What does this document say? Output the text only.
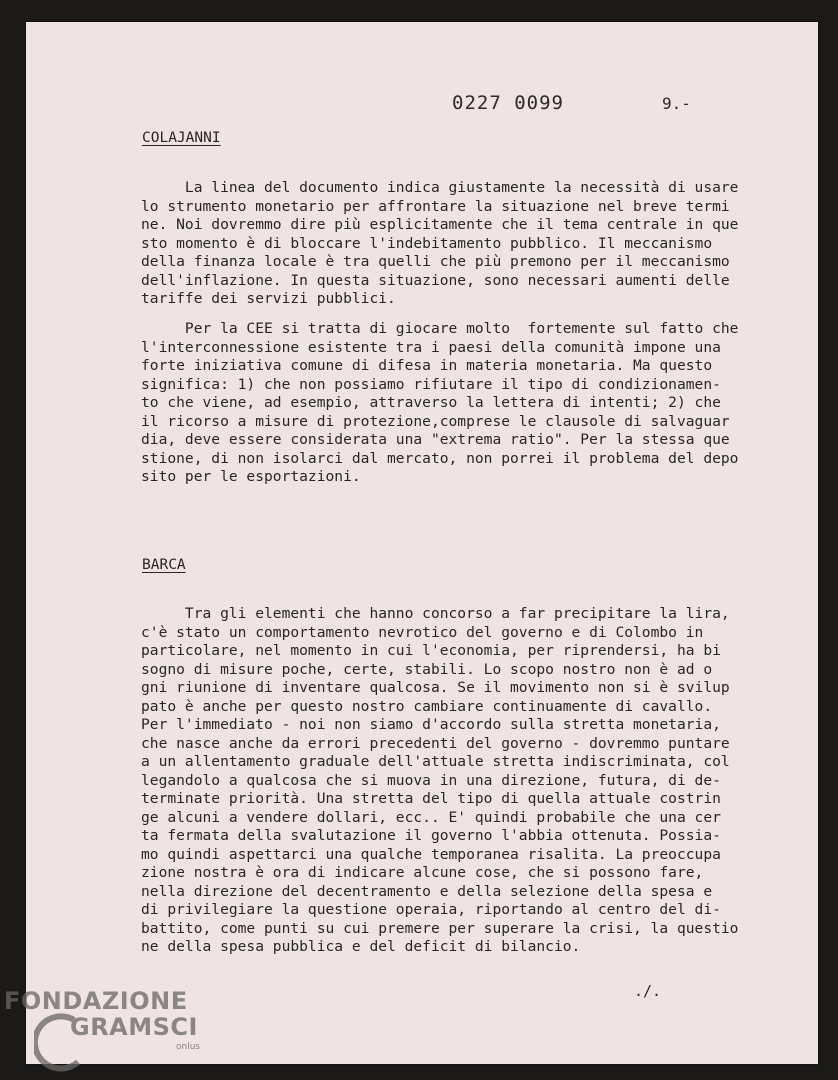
0227 0099	9.-
COLAJANNI
La linea del documento indica giustamente la necessità di usare
lo strumento monetario per affrontare la situazione nel breve termi
ne. Noi dovremmo dire più esplicitamente che il tema centrale in que
sto momento è di bloccare l'indebitamento pubblico. Il meccanismo
della finanza locale è tra quelli che più premono per il meccanismo
dell'inflazione. In questa situazione, sono necessari aumenti delle
tariffe dei servizi pubblici.
Per la CEE si tratta di giocare molto  fortemente sul fatto che
l'interconnessione esistente tra i paesi della comunità impone una
forte iniziativa comune di difesa in materia monetaria. Ma questo
significa: 1) che non possiamo rifiutare il tipo di condizionamen-
to che viene, ad esempio, attraverso la lettera di intenti; 2) che
il ricorso a misure di protezione,comprese le clausole di salvaguar
dia, deve essere considerata una "extrema ratio". Per la stessa que
stione, di non isolarci dal mercato, non porrei il problema del depo
sito per le esportazioni.
BARCA
Tra gli elementi che hanno concorso a far precipitare la lira,
c'è stato un comportamento nevrotico del governo e di Colombo in
particolare, nel momento in cui l'economia, per riprendersi, ha bi
sogno di misure poche, certe, stabili. Lo scopo nostro non è ad o
gni riunione di inventare qualcosa. Se il movimento non si è svilup
pato è anche per questo nostro cambiare continuamente di cavallo.
Per l'immediato - noi non siamo d'accordo sulla stretta monetaria,
che nasce anche da errori precedenti del governo - dovremmo puntare
a un allentamento graduale dell'attuale stretta indiscriminata, col
legandolo a qualcosa che si muova in una direzione, futura, di de-
terminate priorità. Una stretta del tipo di quella attuale costrin
ge alcuni a vendere dollari, ecc.. E' quindi probabile che una cer
ta fermata della svalutazione il governo l'abbia ottenuta. Possia-
mo quindi aspettarci una qualche temporanea risalita. La preoccupa
zione nostra è ora di indicare alcune cose, che si possono fare,
nella direzione del decentramento e della selezione della spesa e
di privilegiare la questione operaia, riportando al centro del di-
battito, come punti su cui premere per superare la crisi, la questio
ne della spesa pubblica e del deficit di bilancio.
./.
FONDAZIONE
GRAMSCI
onlus
